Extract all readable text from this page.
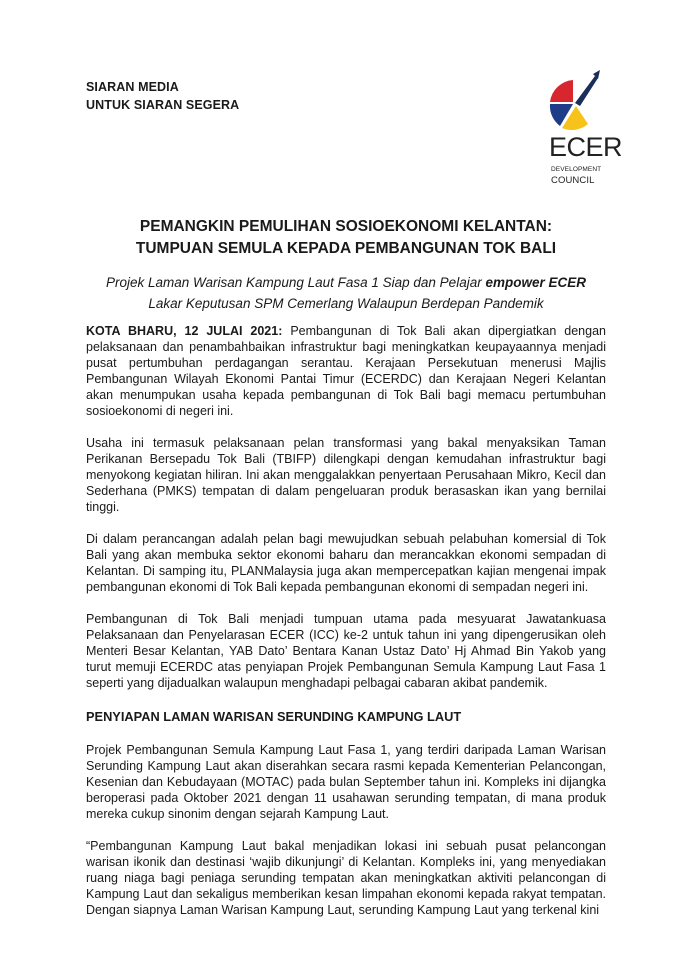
SIARAN MEDIA
UNTUK SIARAN SEGERA
ECER
DEVELOPMENT
COUNCIL
PEMANGKIN PEMULIHAN SOSIOEKONOMI KELANTAN:
TUMPUAN SEMULA KEPADA PEMBANGUNAN TOK BALI
Projek Laman Warisan Kampung Laut Fasa 1 Siap dan Pelajar empower ECER
Lakar Keputusan SPM Cemerlang Walaupun Berdepan Pandemik

KOTA BHARU, 12 JULAI 2021: Pembangunan di Tok Bali akan dipergiatkan dengan pelaksanaan dan penambahbaikan infrastruktur bagi meningkatkan keupayaannya menjadi pusat pertumbuhan perdagangan serantau. Kerajaan Persekutuan menerusi Majlis Pembangunan Wilayah Ekonomi Pantai Timur (ECERDC) dan Kerajaan Negeri Kelantan akan menumpukan usaha kepada pembangunan di Tok Bali bagi memacu pertumbuhan sosioekonomi di negeri ini.

Usaha ini termasuk pelaksanaan pelan transformasi yang bakal menyaksikan Taman Perikanan Bersepadu Tok Bali (TBIFP) dilengkapi dengan kemudahan infrastruktur bagi menyokong kegiatan hiliran. Ini akan menggalakkan penyertaan Perusahaan Mikro, Kecil dan Sederhana (PMKS) tempatan di dalam pengeluaran produk berasaskan ikan yang bernilai tinggi.

Di dalam perancangan adalah pelan bagi mewujudkan sebuah pelabuhan komersial di Tok Bali yang akan membuka sektor ekonomi baharu dan merancakkan ekonomi sempadan di Kelantan. Di samping itu, PLANMalaysia juga akan mempercepatkan kajian mengenai impak pembangunan ekonomi di Tok Bali kepada pembangunan ekonomi di sempadan negeri ini.

Pembangunan di Tok Bali menjadi tumpuan utama pada mesyuarat Jawatankuasa Pelaksanaan dan Penyelarasan ECER (ICC) ke-2 untuk tahun ini yang dipengerusikan oleh Menteri Besar Kelantan, YAB Dato’ Bentara Kanan Ustaz Dato’ Hj Ahmad Bin Yakob yang turut memuji ECERDC atas penyiapan Projek Pembangunan Semula Kampung Laut Fasa 1 seperti yang dijadualkan walaupun menghadapi pelbagai cabaran akibat pandemik.

PENYIAPAN LAMAN WARISAN SERUNDING KAMPUNG LAUT

Projek Pembangunan Semula Kampung Laut Fasa 1, yang terdiri daripada Laman Warisan Serunding Kampung Laut akan diserahkan secara rasmi kepada Kementerian Pelancongan, Kesenian dan Kebudayaan (MOTAC) pada bulan September tahun ini. Kompleks ini dijangka beroperasi pada Oktober 2021 dengan 11 usahawan serunding tempatan, di mana produk mereka cukup sinonim dengan sejarah Kampung Laut.

“Pembangunan Kampung Laut bakal menjadikan lokasi ini sebuah pusat pelancongan warisan ikonik dan destinasi ‘wajib dikunjungi’ di Kelantan. Kompleks ini, yang menyediakan ruang niaga bagi peniaga serunding tempatan akan meningkatkan aktiviti pelancongan di Kampung Laut dan sekaligus memberikan kesan limpahan ekonomi kepada rakyat tempatan. Dengan siapnya Laman Warisan Kampung Laut, serunding Kampung Laut yang terkenal kini
